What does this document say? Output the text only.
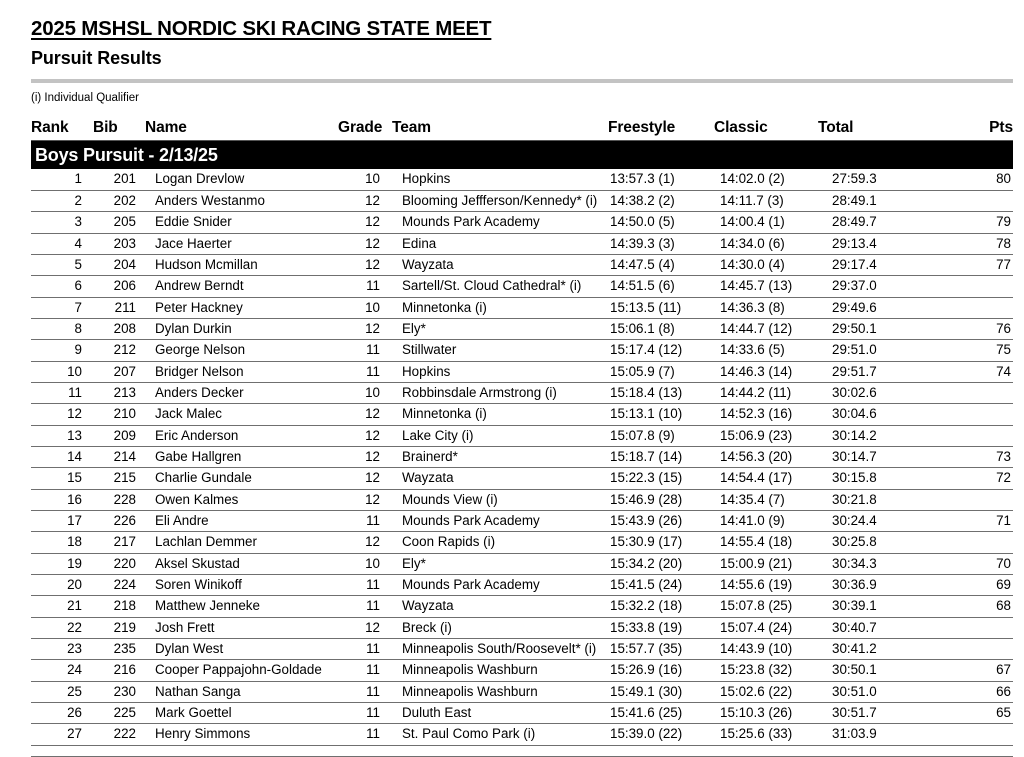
2025 MSHSL NORDIC SKI RACING STATE MEET
Pursuit Results
(i) Individual Qualifier
Rank	Bib	Name	Grade	Team	Freestyle	Classic	Total	Pts
Boys Pursuit - 2/13/25								
1	201	Logan Drevlow	10	Hopkins	13:57.3 (1)	14:02.0 (2)	27:59.3	80
2	202	Anders Westanmo	12	Blooming Jeffferson/Kennedy* (i)	14:38.2 (2)	14:11.7 (3)	28:49.1	
3	205	Eddie Snider	12	Mounds Park Academy	14:50.0 (5)	14:00.4 (1)	28:49.7	79
4	203	Jace Haerter	12	Edina	14:39.3 (3)	14:34.0 (6)	29:13.4	78
5	204	Hudson Mcmillan	12	Wayzata	14:47.5 (4)	14:30.0 (4)	29:17.4	77
6	206	Andrew Berndt	11	Sartell/St. Cloud Cathedral* (i)	14:51.5 (6)	14:45.7 (13)	29:37.0	
7	211	Peter Hackney	10	Minnetonka (i)	15:13.5 (11)	14:36.3 (8)	29:49.6	
8	208	Dylan Durkin	12	Ely*	15:06.1 (8)	14:44.7 (12)	29:50.1	76
9	212	George Nelson	11	Stillwater	15:17.4 (12)	14:33.6 (5)	29:51.0	75
10	207	Bridger Nelson	11	Hopkins	15:05.9 (7)	14:46.3 (14)	29:51.7	74
11	213	Anders Decker	10	Robbinsdale Armstrong (i)	15:18.4 (13)	14:44.2 (11)	30:02.6	
12	210	Jack Malec	12	Minnetonka (i)	15:13.1 (10)	14:52.3 (16)	30:04.6	
13	209	Eric Anderson	12	Lake City (i)	15:07.8 (9)	15:06.9 (23)	30:14.2	
14	214	Gabe Hallgren	12	Brainerd*	15:18.7 (14)	14:56.3 (20)	30:14.7	73
15	215	Charlie Gundale	12	Wayzata	15:22.3 (15)	14:54.4 (17)	30:15.8	72
16	228	Owen Kalmes	12	Mounds View (i)	15:46.9 (28)	14:35.4 (7)	30:21.8	
17	226	Eli Andre	11	Mounds Park Academy	15:43.9 (26)	14:41.0 (9)	30:24.4	71
18	217	Lachlan Demmer	12	Coon Rapids (i)	15:30.9 (17)	14:55.4 (18)	30:25.8	
19	220	Aksel Skustad	10	Ely*	15:34.2 (20)	15:00.9 (21)	30:34.3	70
20	224	Soren Winikoff	11	Mounds Park Academy	15:41.5 (24)	14:55.6 (19)	30:36.9	69
21	218	Matthew Jenneke	11	Wayzata	15:32.2 (18)	15:07.8 (25)	30:39.1	68
22	219	Josh Frett	12	Breck (i)	15:33.8 (19)	15:07.4 (24)	30:40.7	
23	235	Dylan West	11	Minneapolis South/Roosevelt* (i)	15:57.7 (35)	14:43.9 (10)	30:41.2	
24	216	Cooper Pappajohn-Goldade	11	Minneapolis Washburn	15:26.9 (16)	15:23.8 (32)	30:50.1	67
25	230	Nathan Sanga	11	Minneapolis Washburn	15:49.1 (30)	15:02.6 (22)	30:51.0	66
26	225	Mark Goettel	11	Duluth East	15:41.6 (25)	15:10.3 (26)	30:51.7	65
27	222	Henry Simmons	11	St. Paul Como Park (i)	15:39.0 (22)	15:25.6 (33)	31:03.9	
